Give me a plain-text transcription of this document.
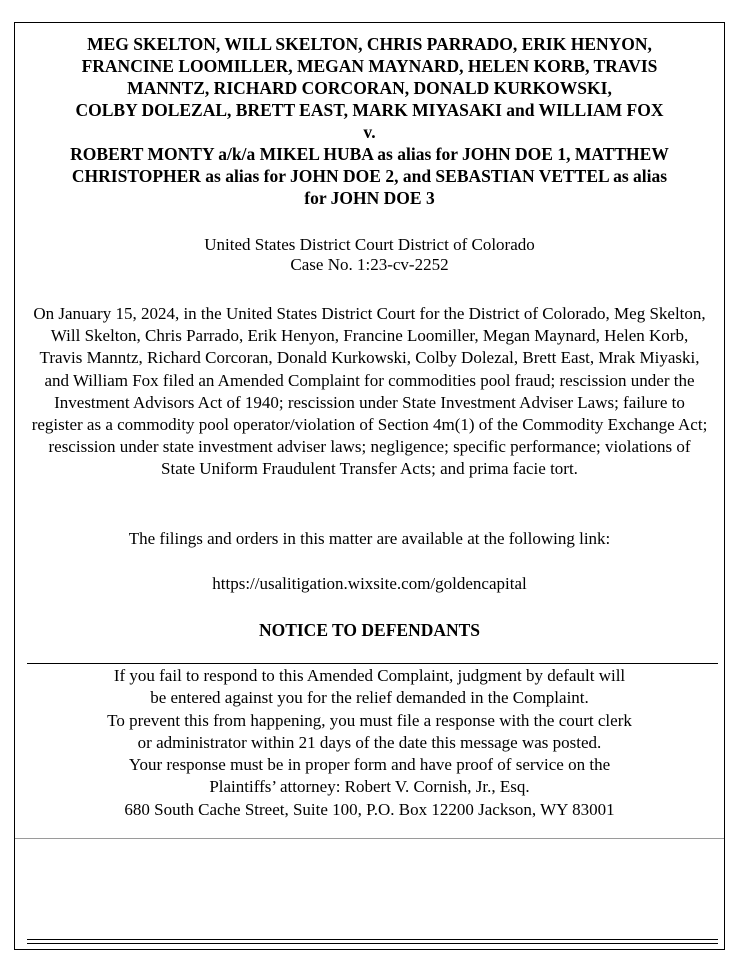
MEG SKELTON, WILL SKELTON, CHRIS PARRADO, ERIK HENYON,
FRANCINE LOOMILLER, MEGAN MAYNARD, HELEN KORB, TRAVIS
MANNTZ, RICHARD CORCORAN, DONALD KURKOWSKI,
COLBY DOLEZAL, BRETT EAST, MARK MIYASAKI and WILLIAM FOX
v.
ROBERT MONTY a/k/a MIKEL HUBA as alias for JOHN DOE 1, MATTHEW
CHRISTOPHER as alias for JOHN DOE 2, and SEBASTIAN VETTEL as alias
for JOHN DOE 3
United States District Court District of Colorado
Case No. 1:23-cv-2252
On January 15, 2024, in the United States District Court for the District of Colorado, Meg Skelton, Will Skelton, Chris Parrado, Erik Henyon, Francine Loomiller, Megan Maynard, Helen Korb, Travis Manntz, Richard Corcoran, Donald Kurkowski, Colby Dolezal, Brett East, Mrak Miyaski, and William Fox filed an Amended Complaint for commodities pool fraud; rescission under the Investment Advisors Act of 1940; rescission under State Investment Adviser Laws; failure to register as a commodity pool operator/violation of Section 4m(1) of the Commodity Exchange Act; rescission under state investment adviser laws; negligence; specific performance; violations of State Uniform Fraudulent Transfer Acts; and prima facie tort.
The filings and orders in this matter are available at the following link:
https://usalitigation.wixsite.com/goldencapital
NOTICE TO DEFENDANTS
If you fail to respond to this Amended Complaint, judgment by default will
be entered against you for the relief demanded in the Complaint.
To prevent this from happening, you must file a response with the court clerk
or administrator within 21 days of the date this message was posted.
Your response must be in proper form and have proof of service on the
Plaintiffs’ attorney: Robert V. Cornish, Jr., Esq.
680 South Cache Street, Suite 100, P.O. Box 12200 Jackson, WY 83001
